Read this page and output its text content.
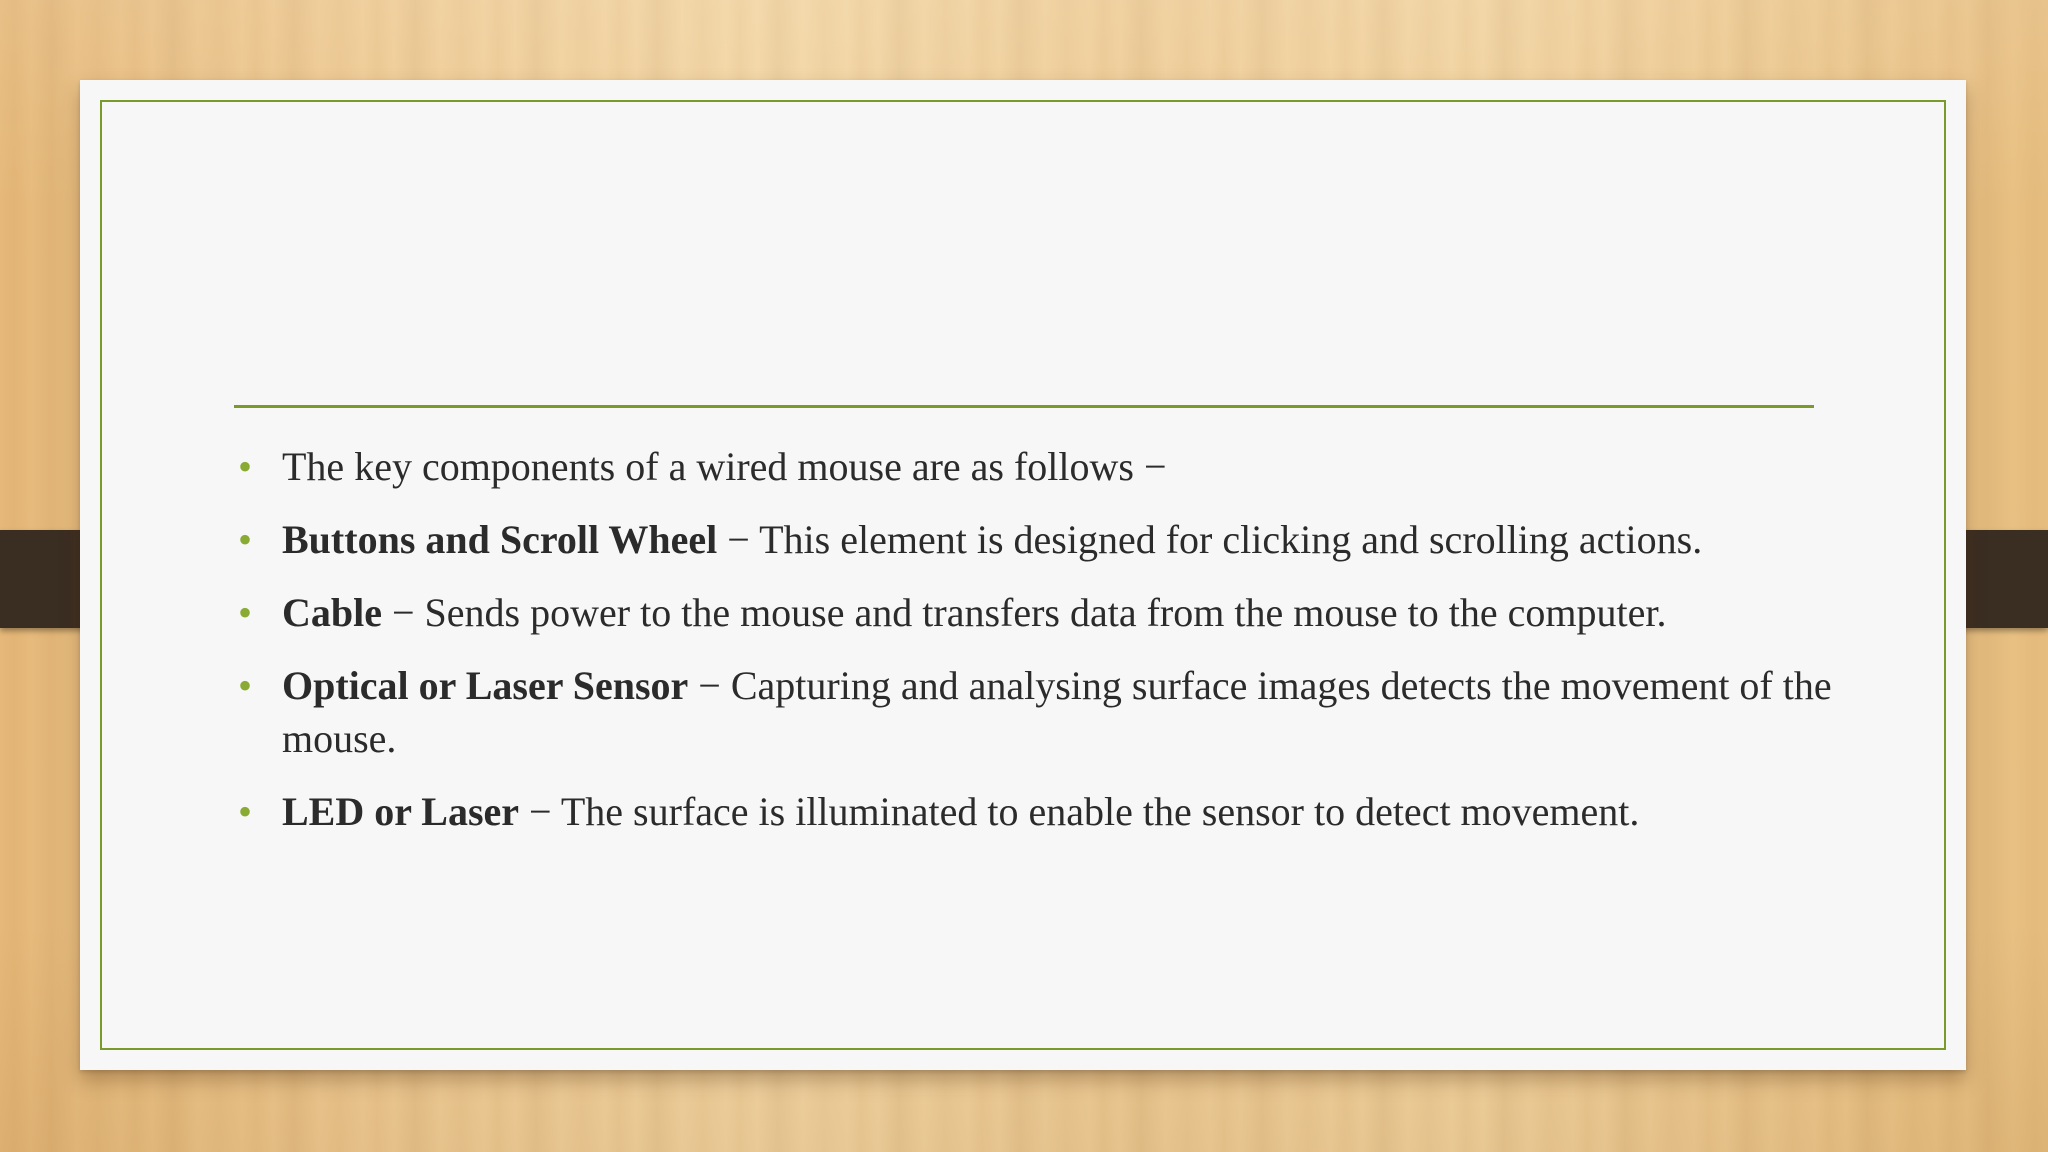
• The key components of a wired mouse are as follows −
• Buttons and Scroll Wheel − This element is designed for clicking and scrolling actions.
• Cable − Sends power to the mouse and transfers data from the mouse to the computer.
• Optical or Laser Sensor − Capturing and analysing surface images detects the movement of the mouse.
• LED or Laser − The surface is illuminated to enable the sensor to detect movement.
